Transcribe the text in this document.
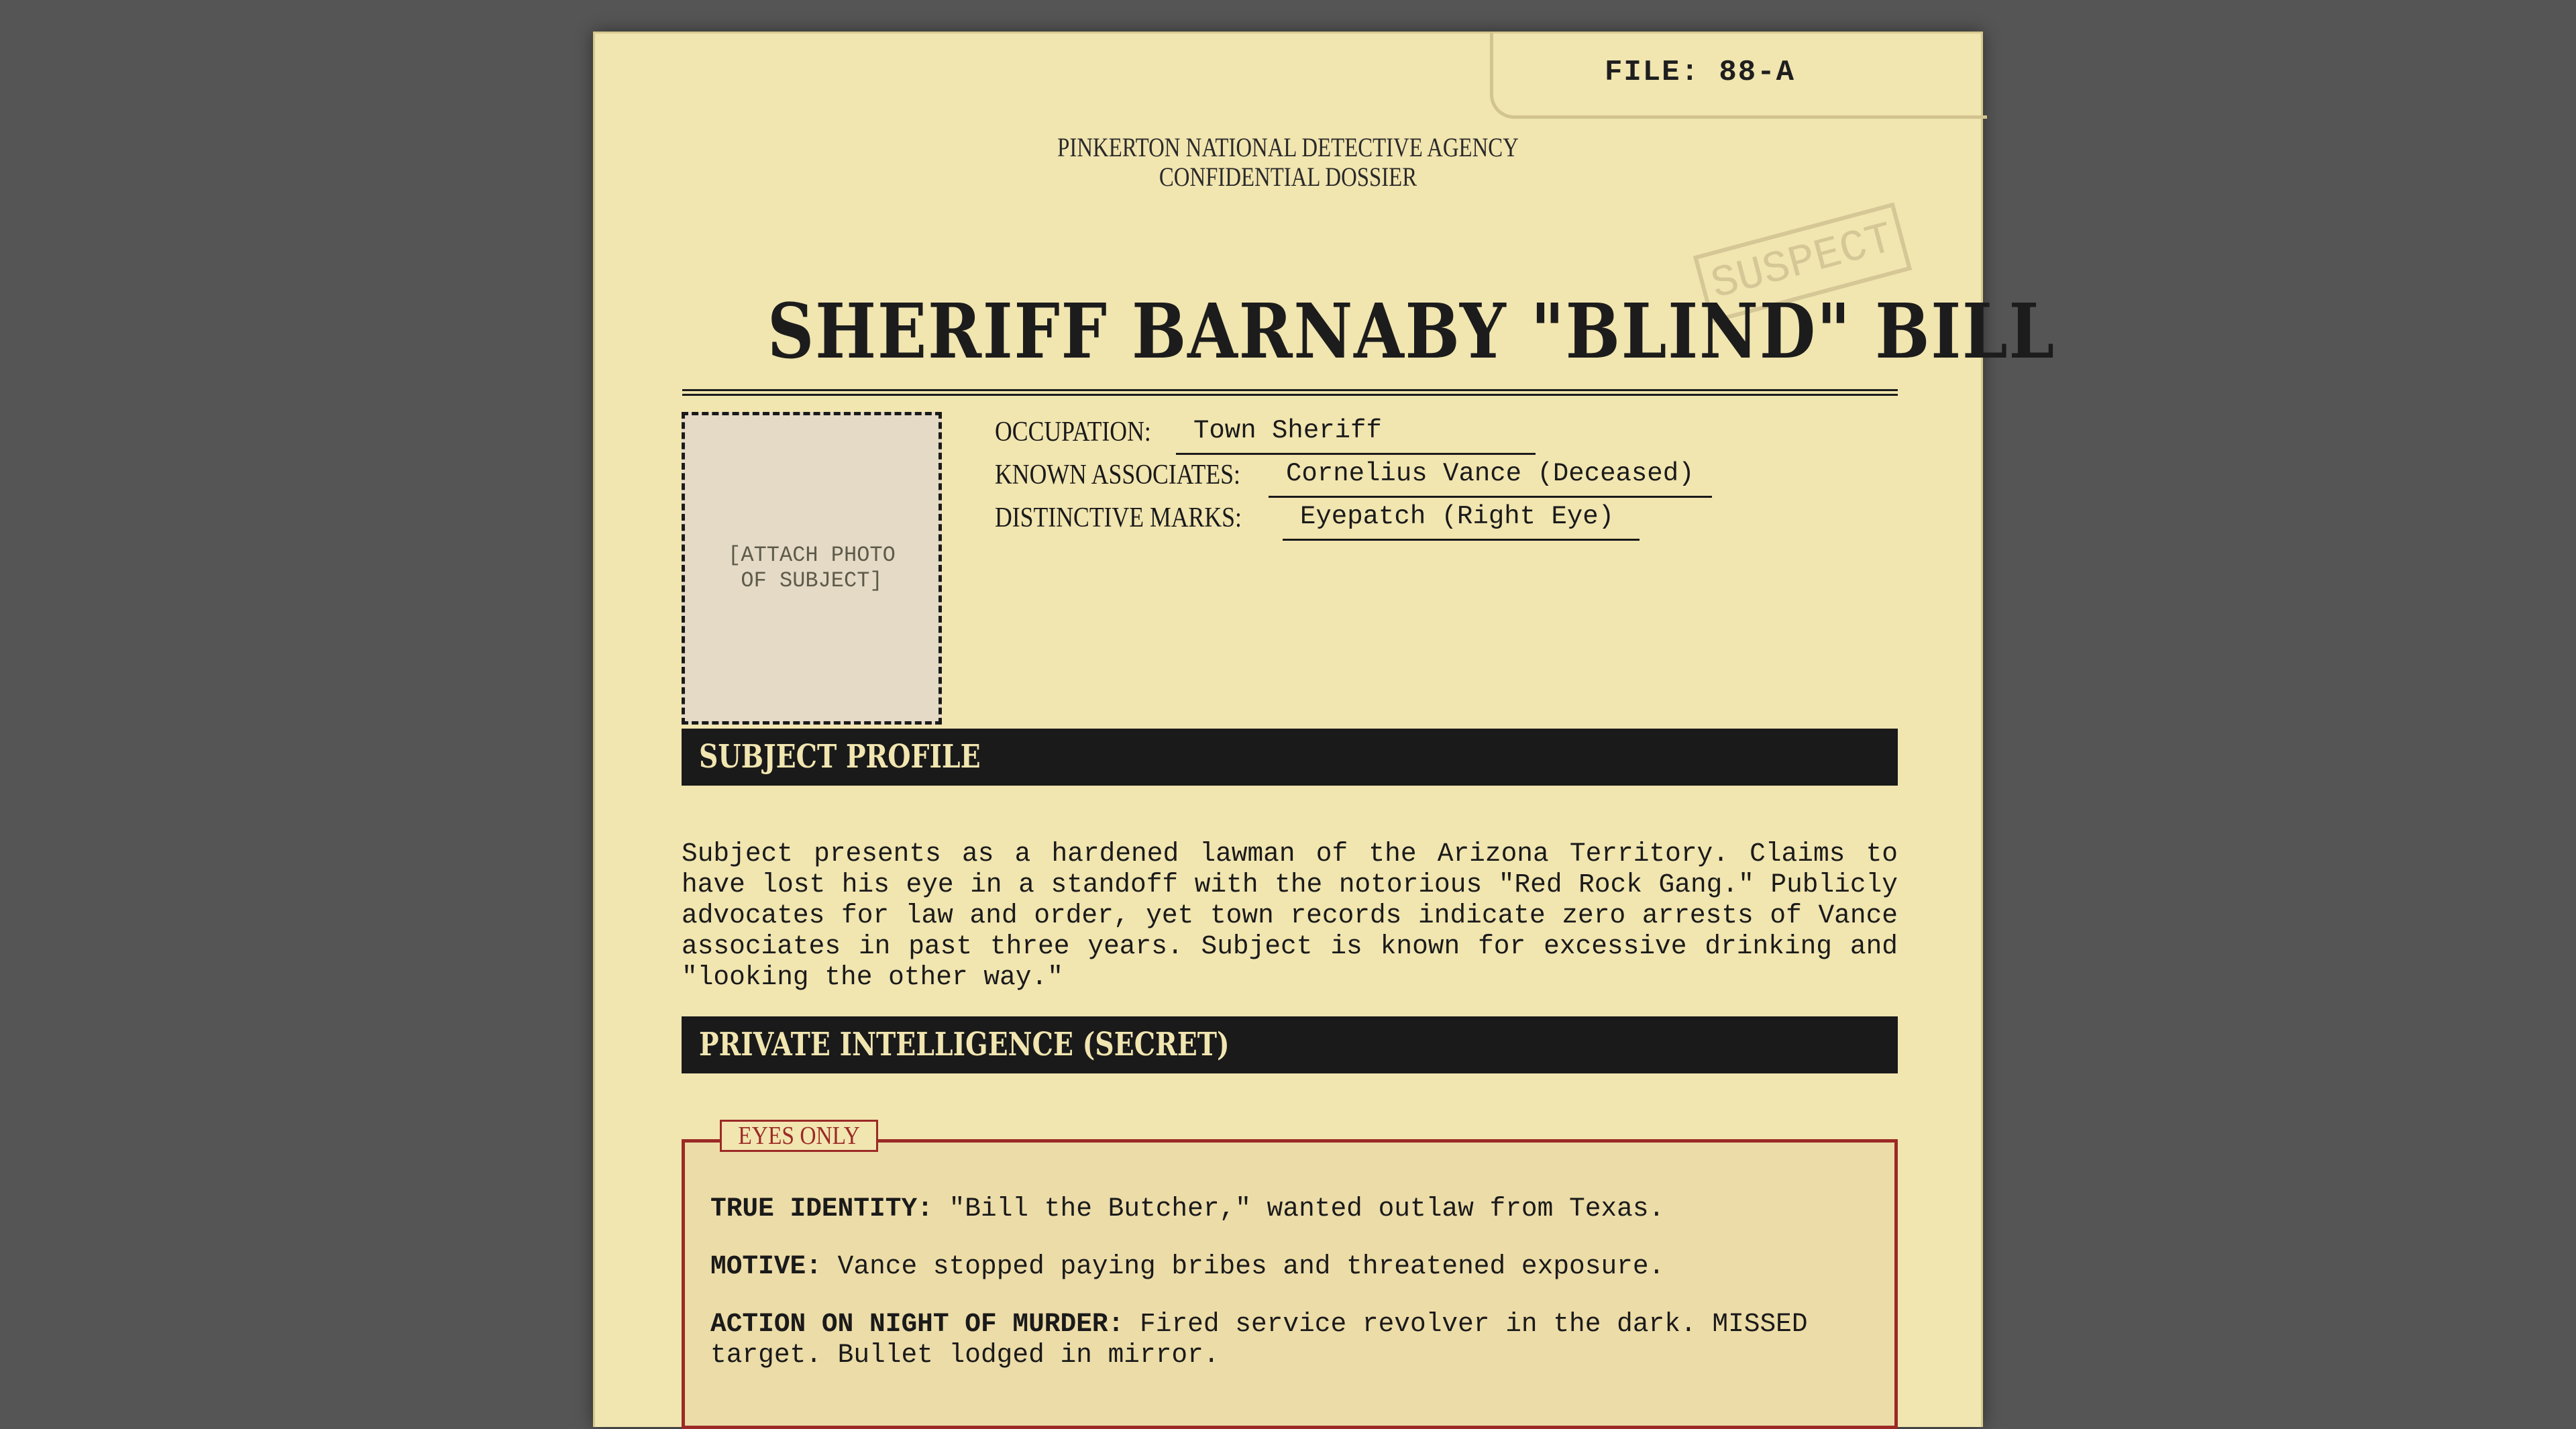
FILE: 88-A
PINKERTON NATIONAL DETECTIVE AGENCY
CONFIDENTIAL DOSSIER
SUSPECT
SHERIFF BARNABY "BLIND" BILL
[ATTACH PHOTO OF SUBJECT]
OCCUPATION:	Town Sheriff
KNOWN ASSOCIATES:	Cornelius Vance (Deceased)
DISTINCTIVE MARKS:	Eyepatch (Right Eye)
SUBJECT PROFILE
Subject presents as a hardened lawman of the Arizona Territory. Claims to have lost his eye in a standoff with the notorious "Red Rock Gang." Publicly advocates for law and order, yet town records indicate zero arrests of Vance associates in past three years. Subject is known for excessive drinking and "looking the other way."
PRIVATE INTELLIGENCE (SECRET)
EYES ONLY
TRUE IDENTITY: "Bill the Butcher," wanted outlaw from Texas.
MOTIVE: Vance stopped paying bribes and threatened exposure.
ACTION ON NIGHT OF MURDER: Fired service revolver in the dark. MISSED target. Bullet lodged in mirror.
